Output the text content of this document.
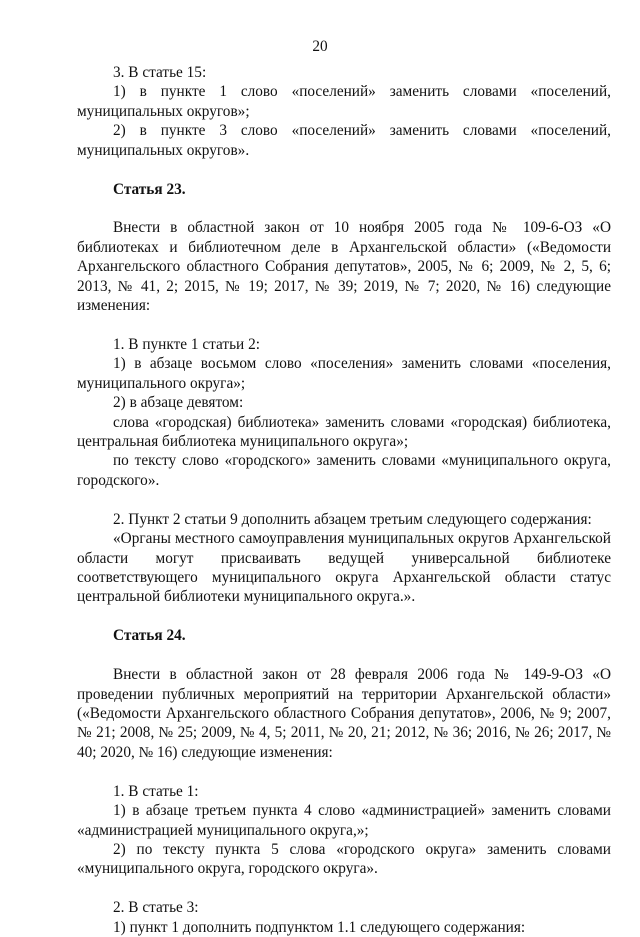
20

3. В статье 15:

1) в пункте 1 слово «поселений» заменить словами «поселений, муниципальных округов»;

2) в пункте 3 слово «поселений» заменить словами «поселений, муниципальных округов».

Статья 23.

Внести в областной закон от 10 ноября 2005 года № 109-6-ОЗ «О библиотеках и библиотечном деле в Архангельской области» («Ведомости Архангельского областного Собрания депутатов», 2005, № 6; 2009, № 2, 5, 6; 2013, № 41, 2; 2015, № 19; 2017, № 39; 2019, № 7; 2020, № 16) следующие изменения:

1. В пункте 1 статьи 2:

1) в абзаце восьмом слово «поселения» заменить словами «поселения, муниципального округа»;

2) в абзаце девятом:

слова «городская) библиотека» заменить словами «городская) библиотека, центральная библиотека муниципального округа»;

по тексту слово «городского» заменить словами «муниципального округа, городского».

2. Пункт 2 статьи 9 дополнить абзацем третьим следующего содержания:

«Органы местного самоуправления муниципальных округов Архангельской области могут присваивать ведущей универсальной библиотеке соответствующего муниципального округа Архангельской области статус центральной библиотеки муниципального округа.».

Статья 24.

Внести в областной закон от 28 февраля 2006 года № 149-9-ОЗ «О проведении публичных мероприятий на территории Архангельской области» («Ведомости Архангельского областного Собрания депутатов», 2006, № 9; 2007, № 21; 2008, № 25; 2009, № 4, 5; 2011, № 20, 21; 2012, № 36; 2016, № 26; 2017, № 40; 2020, № 16) следующие изменения:

1. В статье 1:

1) в абзаце третьем пункта 4 слово «администрацией» заменить словами «администрацией муниципального округа,»;

2) по тексту пункта 5 слова «городского округа» заменить словами «муниципального округа, городского округа».

2. В статье 3:

1) пункт 1 дополнить подпунктом 1.1 следующего содержания:
